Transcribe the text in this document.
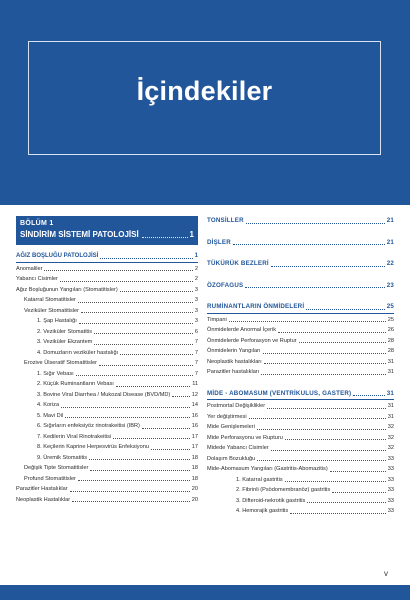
İçindekiler
BÖLÜM 1
SİNDİRİM SİSTEMİ PATOLOJİSİ	1
AĞIZ BOŞLUĞU PATOLOJİSİ	1
Anomaliler	2
Yabancı Cisimler	2
Ağız Boşluğunun Yangıları (Stomatitisler)	3
Katarral Stomatitisler	3
Veziküler Stomatitisler	3
1. Şap Hastalığı	3
2. Veziküler Stomatitis	6
3. Veziküler Ekzantem	7
4. Domuzların veziküler hastalığı	7
Erozive Ülseratif Stomatitisler	7
1. Sığır Vebası	7
2. Küçük Ruminantların Vebası	11
3. Bovine Viral Diarrhea / Mukozal Disease (BVD/MD)	12
4. Koriza	14
5. Mavi Dil	16
6. Sığırların enfeksiyöz rinotrakeitisi (IBR)	16
7. Kedilerin Viral Rinotrakeitisi	17
8. Keçilerin Kaprine Herpesvirüs Enfeksiyonu	17
9. Üremik Stomatitis	18
Değişik Tipte Stomatitisler	18
Profund Stomatitisler	18
Parazitler Hastalıklar	20
Neoplastik Hastalıklar	20
TONSİLLER	21
DİŞLER	21
TÜKÜRÜK BEZLERİ	22
ÖZOFAGUS	23
RUMİNANTLARIN ÖNMİDELERİ	25
Timpani	25
Önmidelerde Anormal İçerik	26
Önmidelerde Perforasyon ve Ruptur	28
Önmidelerin Yangıları	28
Neoplastik hastalıkları	31
Parazitler hastalıkları	31
MİDE - ABOMASUM (VENTRİKULUS, GASTER)	31
Postmortal Değişiklikler	31
Yer değiştirmesi	31
Mide Genişlemeleri	32
Mide Perforasyonu ve Rupturu	32
Midede Yabancı Cisimler	32
Dolaşım Bozukluğu	33
Mide-Abomasum Yangıları (Gastritis-Abomazitis)	33
1. Katarral gastritis	33
2. Fibrinli (Psödomembranöz) gastritis	33
3. Difteroid-nekrotik gastritis	33
4. Hemorajik gastritis	33
v
